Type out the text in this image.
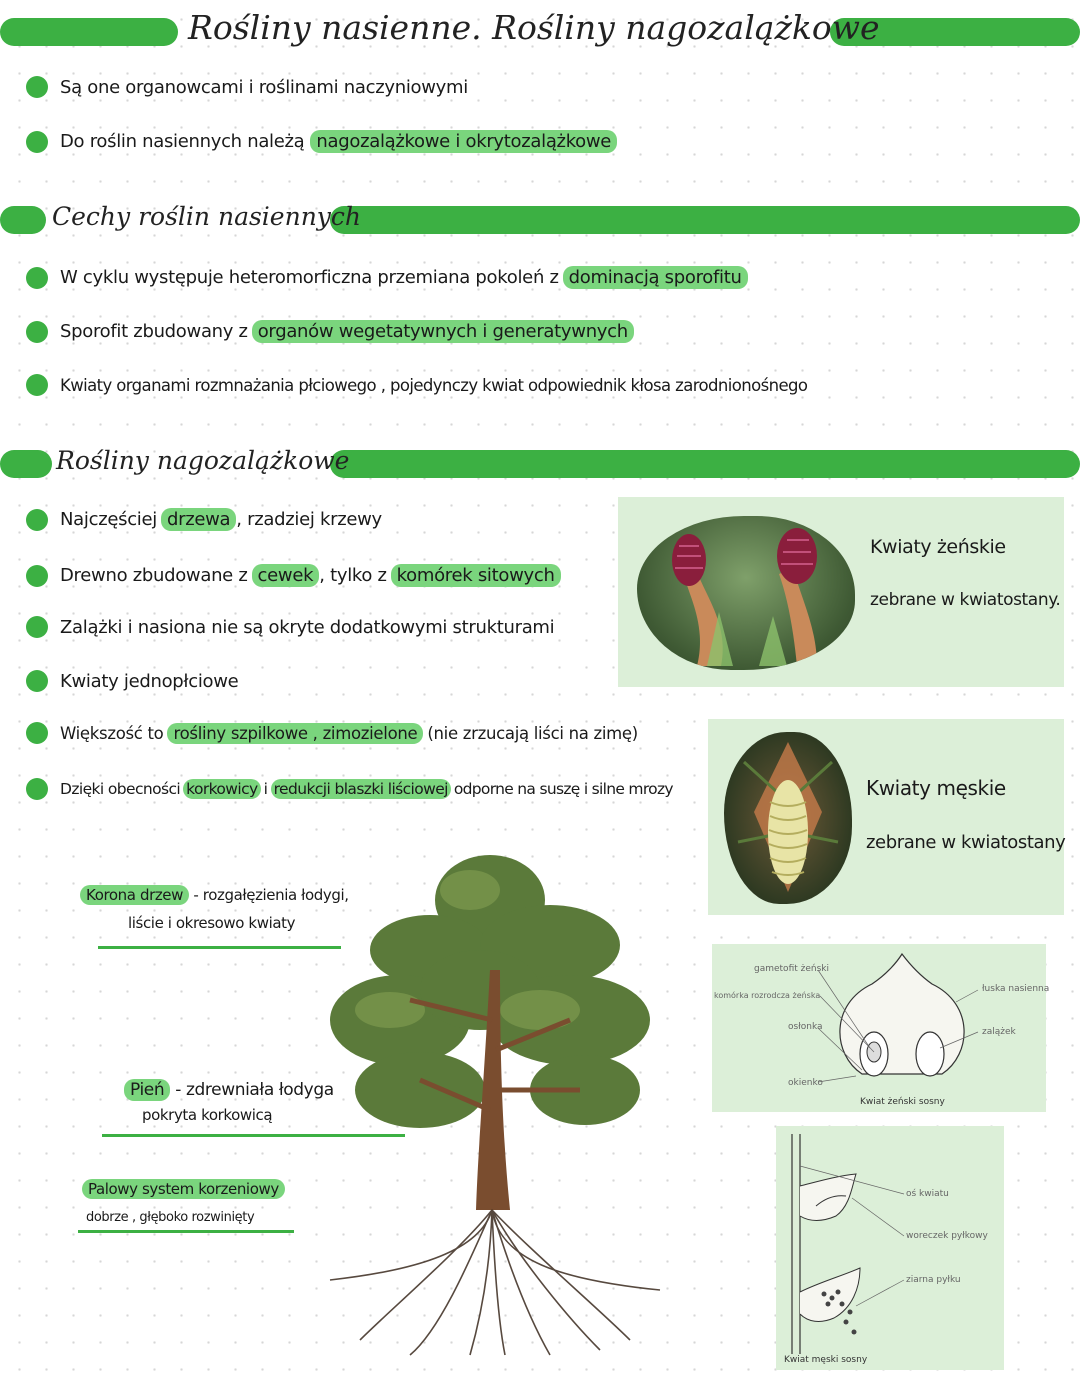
Rośliny nasienne. Rośliny nagozalążkowe
Są one organowcami i roślinami naczyniowymi
Do roślin nasiennych należą nagozalążkowe i okrytozalążkowe
Cechy roślin nasiennych
W cyklu występuje heteromorficzna przemiana pokoleń z dominacją sporofitu
Sporofit zbudowany z organów wegetatywnych i generatywnych
Kwiaty organami rozmnażania płciowego , pojedynczy kwiat odpowiednik kłosa zarodnionośnego
Rośliny nagozalążkowe
Najczęściej drzewa , rzadziej krzewy
Drewno zbudowane z cewek , tylko z komórek sitowych
Zalążki i nasiona nie są okryte dodatkowymi strukturami
Kwiaty jednopłciowe
Większość to rośliny szpilkowe , zimozielone (nie zrzucają liści na zimę)
Dzięki obecności korkowicy i redukcji blaszki liściowej odporne na suszę i silne mrozy
Kwiaty żeńskie
zebrane w kwiatostany.
Kwiaty męskie
zebrane w kwiatostany
Korona drzew - rozgałęzienia łodygi,
liście i okresowo kwiaty
Pień - zdrewniała łodyga
pokryta korkowicą
Palowy system korzeniowy
dobrze , głęboko rozwinięty
gametofit żeński
komórka rozrodcza żeńska
osłonka
okienko
łuska nasienna
zalążek
Kwiat żeński sosny
oś kwiatu
woreczek pyłkowy
ziarna pyłku
Kwiat męski sosny
